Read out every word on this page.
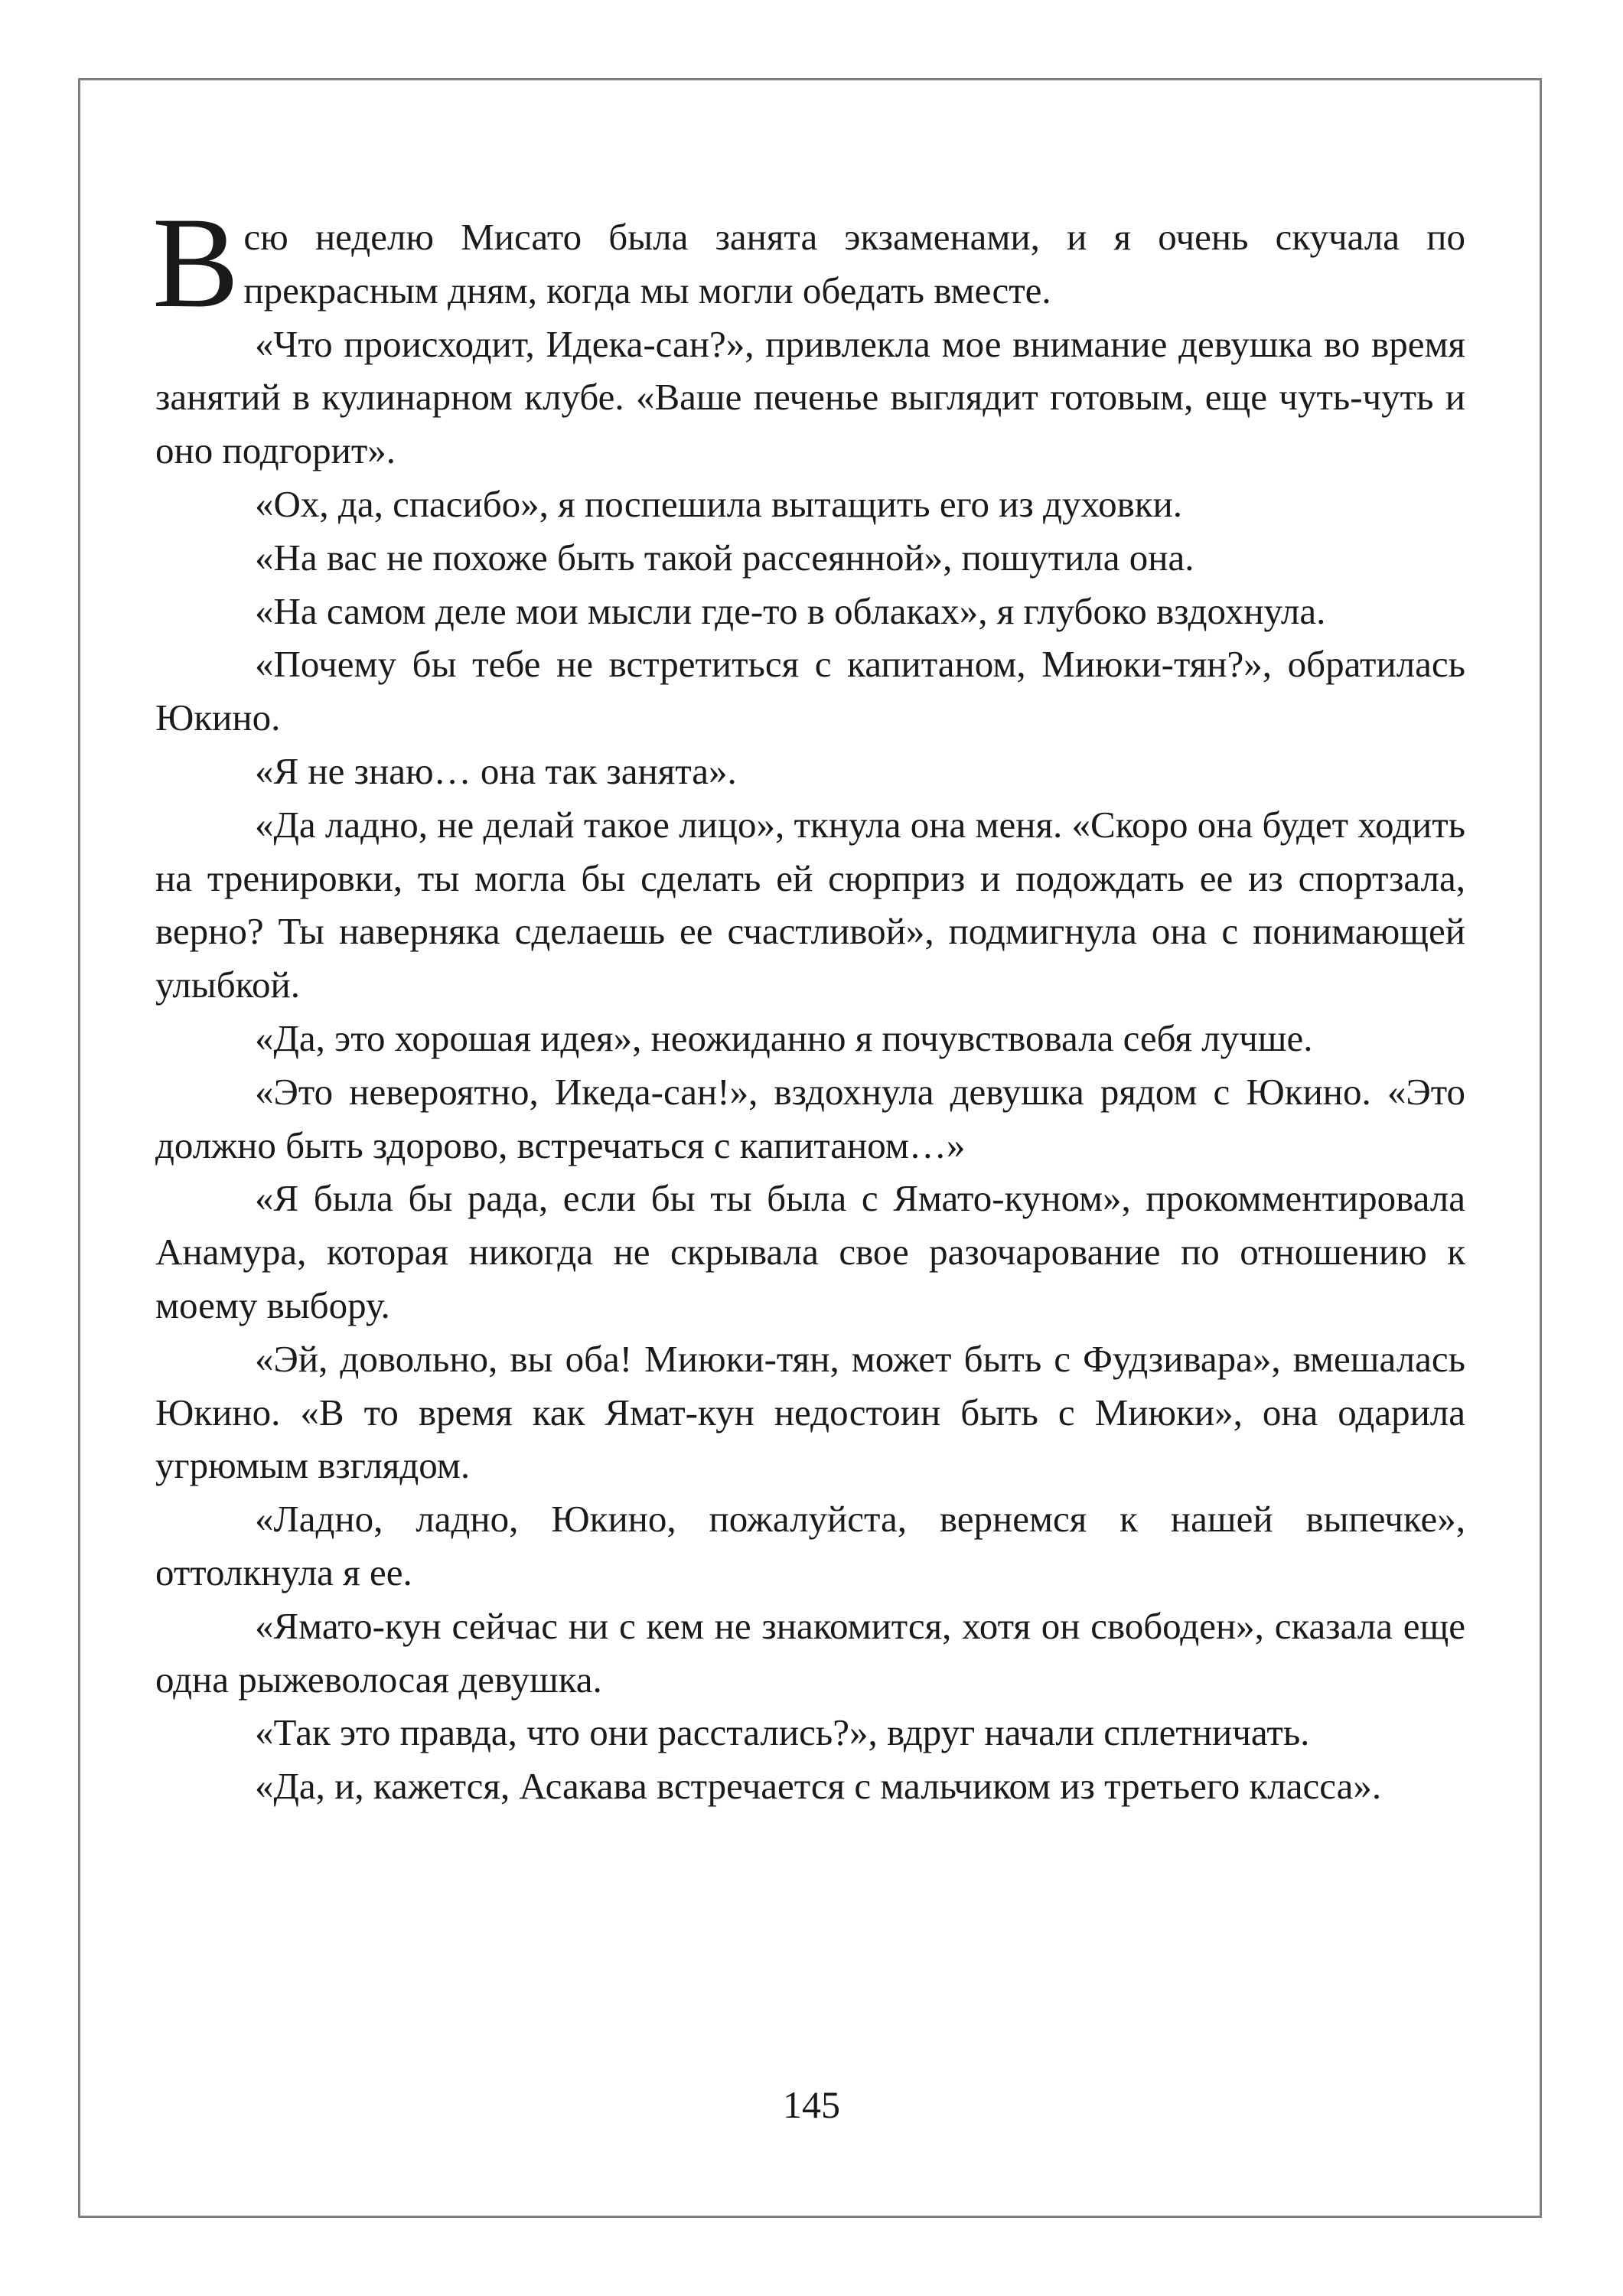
Всю неделю Мисато была занята экзаменами, и я очень скучала по прекрасным дням, когда мы могли обедать вместе.

«Что происходит, Идека-сан?», привлекла мое внимание девушка во время занятий в кулинарном клубе. «Ваше печенье выглядит готовым, еще чуть-чуть и оно подгорит».

«Ох, да, спасибо», я поспешила вытащить его из духовки.

«На вас не похоже быть такой рассеянной», пошутила она.

«На самом деле мои мысли где-то в облаках», я глубоко вздохнула.

«Почему бы тебе не встретиться с капитаном, Миюки-тян?», обратилась Юкино.

«Я не знаю… она так занята».

«Да ладно, не делай такое лицо», ткнула она меня. «Скоро она будет ходить на тренировки, ты могла бы сделать ей сюрприз и подождать ее из спортзала, верно? Ты наверняка сделаешь ее счастливой», подмигнула она с понимающей улыбкой.

«Да, это хорошая идея», неожиданно я почувствовала себя лучше.

«Это невероятно, Икеда-сан!», вздохнула девушка рядом с Юкино. «Это должно быть здорово, встречаться с капитаном…»

«Я была бы рада, если бы ты была с Ямато-куном», прокомментировала Анамура, которая никогда не скрывала свое разочарование по отношению к моему выбору.

«Эй, довольно, вы оба! Миюки-тян, может быть с Фудзивара», вмешалась Юкино. «В то время как Ямат-кун недостоин быть с Миюки», она одарила угрюмым взглядом.

«Ладно, ладно, Юкино, пожалуйста, вернемся к нашей выпечке», оттолкнула я ее.

«Ямато-кун сейчас ни с кем не знакомится, хотя он свободен», сказала еще одна рыжеволосая девушка.

«Так это правда, что они расстались?», вдруг начали сплетничать.

«Да, и, кажется, Асакава встречается с мальчиком из третьего класса».

145
